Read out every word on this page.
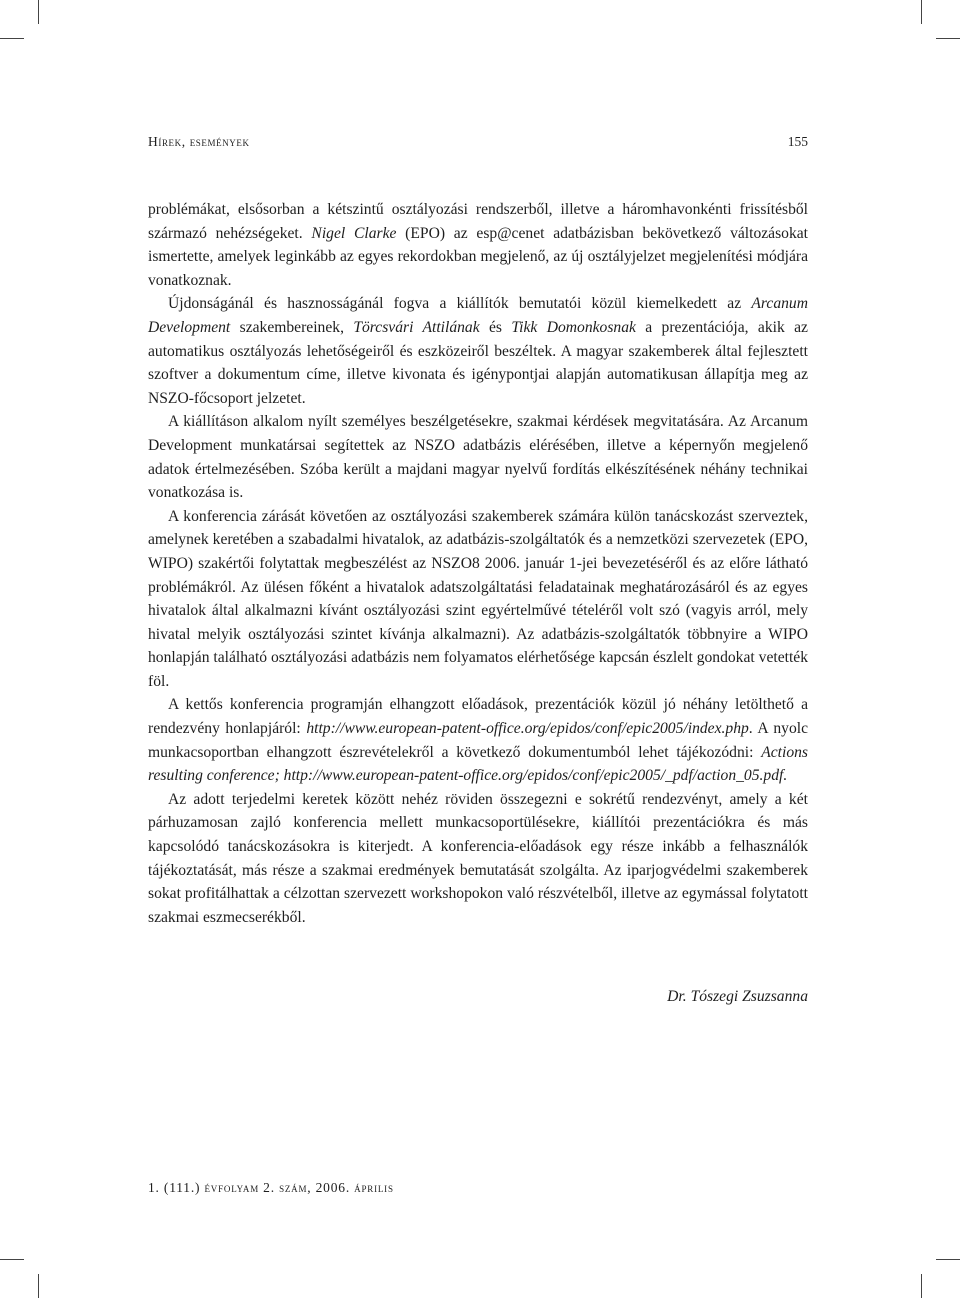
Hírek, események	155

problémákat, elsősorban a kétszintű osztályozási rendszerből, illetve a háromhavonkénti frissítésből származó nehézségeket. Nigel Clarke (EPO) az esp@cenet adatbázisban bekövetkező változásokat ismertette, amelyek leginkább az egyes rekordokban megjelenő, az új osztályjelzet megjelenítési módjára vonatkoznak.

Újdonságánál és hasznosságánál fogva a kiállítók bemutatói közül kiemelkedett az Arcanum Development szakembereinek, Törcsvári Attilának és Tikk Domonkosnak a prezentációja, akik az automatikus osztályozás lehetőségeiről és eszközeiről beszéltek. A magyar szakemberek által fejlesztett szoftver a dokumentum címe, illetve kivonata és igénypontjai alapján automatikusan állapítja meg az NSZO-főcsoport jelzetet.

A kiállításon alkalom nyílt személyes beszélgetésekre, szakmai kérdések megvitatására. Az Arcanum Development munkatársai segítettek az NSZO adatbázis elérésében, illetve a képernyőn megjelenő adatok értelmezésében. Szóba került a majdani magyar nyelvű fordítás elkészítésének néhány technikai vonatkozása is.

A konferencia zárását követően az osztályozási szakemberek számára külön tanácskozást szerveztek, amelynek keretében a szabadalmi hivatalok, az adatbázis-szolgáltatók és a nemzetközi szervezetek (EPO, WIPO) szakértői folytattak megbeszélést az NSZO8 2006. január 1-jei bevezetéséről és az előre látható problémákról. Az ülésen főként a hivatalok adatszolgáltatási feladatainak meghatározásáról és az egyes hivatalok által alkalmazni kívánt osztályozási szint egyértelművé tételéről volt szó (vagyis arról, mely hivatal melyik osztályozási szintet kívánja alkalmazni). Az adatbázis-szolgáltatók többnyire a WIPO honlapján található osztályozási adatbázis nem folyamatos elérhetősége kapcsán észlelt gondokat vetették föl.

A kettős konferencia programján elhangzott előadások, prezentációk közül jó néhány letölthető a rendezvény honlapjáról: http://www.european-patent-office.org/epidos/conf/epic2005/index.php. A nyolc munkacsoportban elhangzott észrevételekről a következő dokumentumból lehet tájékozódni: Actions resulting conference; http://www.european-patent-office.org/epidos/conf/epic2005/_pdf/action_05.pdf.

Az adott terjedelmi keretek között nehéz röviden összegezni e sokrétű rendezvényt, amely a két párhuzamosan zajló konferencia mellett munkacsoportülésekre, kiállítói prezentációkra és más kapcsolódó tanácskozásokra is kiterjedt. A konferencia-előadások egy része inkább a felhasználók tájékoztatását, más része a szakmai eredmények bemutatását szolgálta. Az iparjogvédelmi szakemberek sokat profitálhattak a célzottan szervezett workshopokon való részvételből, illetve az egymással folytatott szakmai eszmecserékből.

Dr. Tószegi Zsuzsanna
1. (111.) évfolyam 2. szám, 2006. április
